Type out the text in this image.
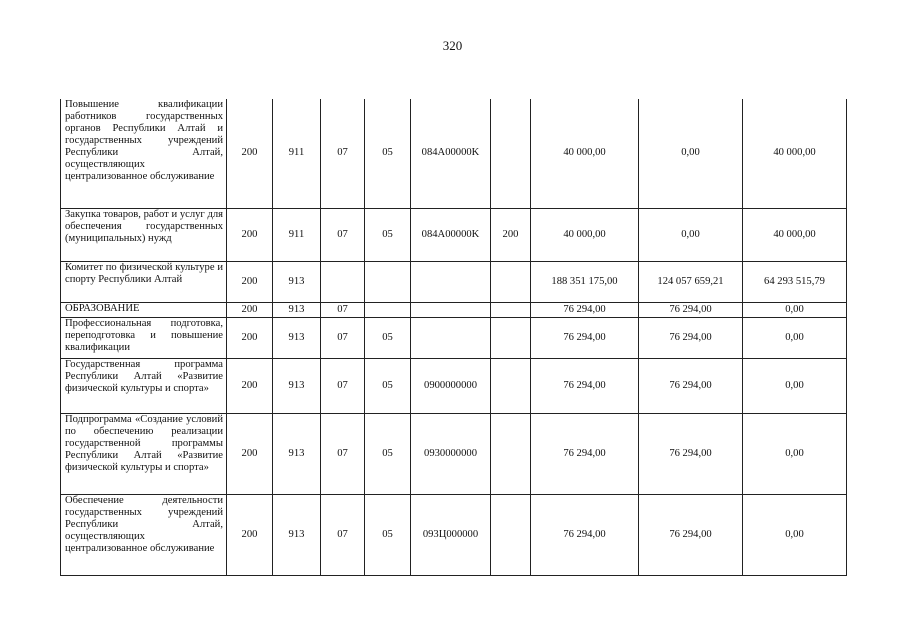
320
Повышение квалификации работников государственных органов Республики Алтай и государственных учреждений Республики Алтай, осуществляющих централизованное обслуживание	200	911	07	05	084A00000K		40 000,00	0,00	40 000,00
Закупка товаров, работ и услуг для обеспечения государственных (муниципальных) нужд	200	911	07	05	084A00000K	200	40 000,00	0,00	40 000,00
Комитет по физической культуре и спорту Республики Алтай	200	913					188 351 175,00	124 057 659,21	64 293 515,79
ОБРАЗОВАНИЕ	200	913	07				76 294,00	76 294,00	0,00
Профессиональная подготовка, переподготовка и повышение квалификации	200	913	07	05			76 294,00	76 294,00	0,00
Государственная программа Республики Алтай «Развитие физической культуры и спорта»	200	913	07	05	0900000000		76 294,00	76 294,00	0,00
Подпрограмма «Создание условий по обеспечению реализации государственной программы Республики Алтай «Развитие физической культуры и спорта»	200	913	07	05	0930000000		76 294,00	76 294,00	0,00
Обеспечение деятельности государственных учреждений Республики Алтай, осуществляющих централизованное обслуживание	200	913	07	05	093Ц000000		76 294,00	76 294,00	0,00
